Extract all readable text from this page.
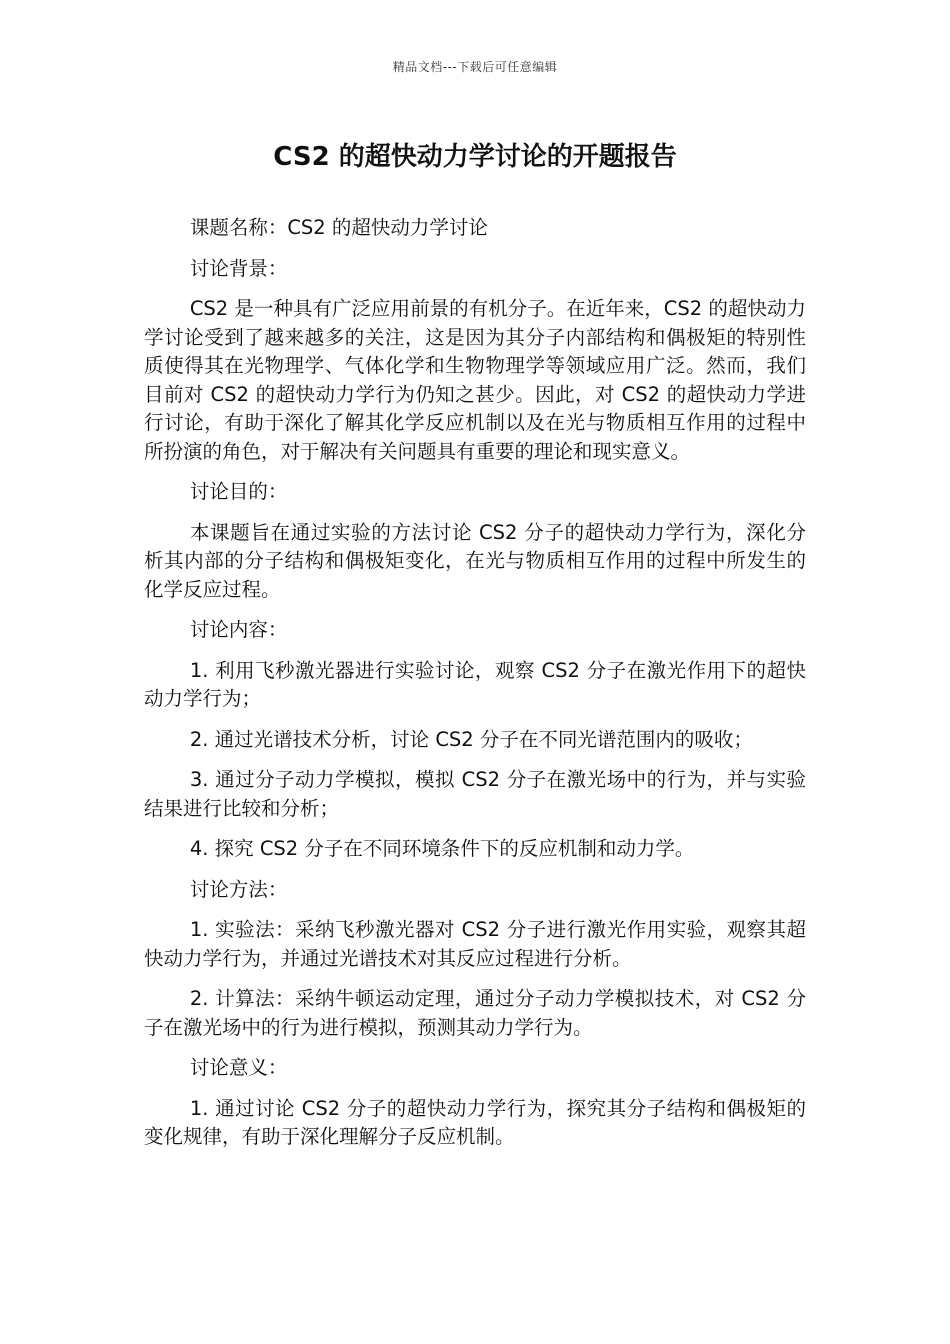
精品文档---下载后可任意编辑
CS2 的超快动力学讨论的开题报告

课题名称：CS2 的超快动力学讨论

讨论背景：

CS2 是一种具有广泛应用前景的有机分子。在近年来，CS2 的超快动力学讨论受到了越来越多的关注，这是因为其分子内部结构和偶极矩的特别性质使得其在光物理学、气体化学和生物物理学等领域应用广泛。然而，我们目前对 CS2 的超快动力学行为仍知之甚少。因此，对 CS2 的超快动力学进行讨论，有助于深化了解其化学反应机制以及在光与物质相互作用的过程中所扮演的角色，对于解决有关问题具有重要的理论和现实意义。

讨论目的：

本课题旨在通过实验的方法讨论 CS2 分子的超快动力学行为，深化分析其内部的分子结构和偶极矩变化，在光与物质相互作用的过程中所发生的化学反应过程。

讨论内容：

1. 利用飞秒激光器进行实验讨论，观察 CS2 分子在激光作用下的超快动力学行为；

2. 通过光谱技术分析，讨论 CS2 分子在不同光谱范围内的吸收；

3. 通过分子动力学模拟，模拟 CS2 分子在激光场中的行为，并与实验结果进行比较和分析；

4. 探究 CS2 分子在不同环境条件下的反应机制和动力学。

讨论方法：

1. 实验法：采纳飞秒激光器对 CS2 分子进行激光作用实验，观察其超快动力学行为，并通过光谱技术对其反应过程进行分析。

2. 计算法：采纳牛顿运动定理，通过分子动力学模拟技术，对 CS2 分子在激光场中的行为进行模拟，预测其动力学行为。

讨论意义：

1. 通过讨论 CS2 分子的超快动力学行为，探究其分子结构和偶极矩的变化规律，有助于深化理解分子反应机制。
